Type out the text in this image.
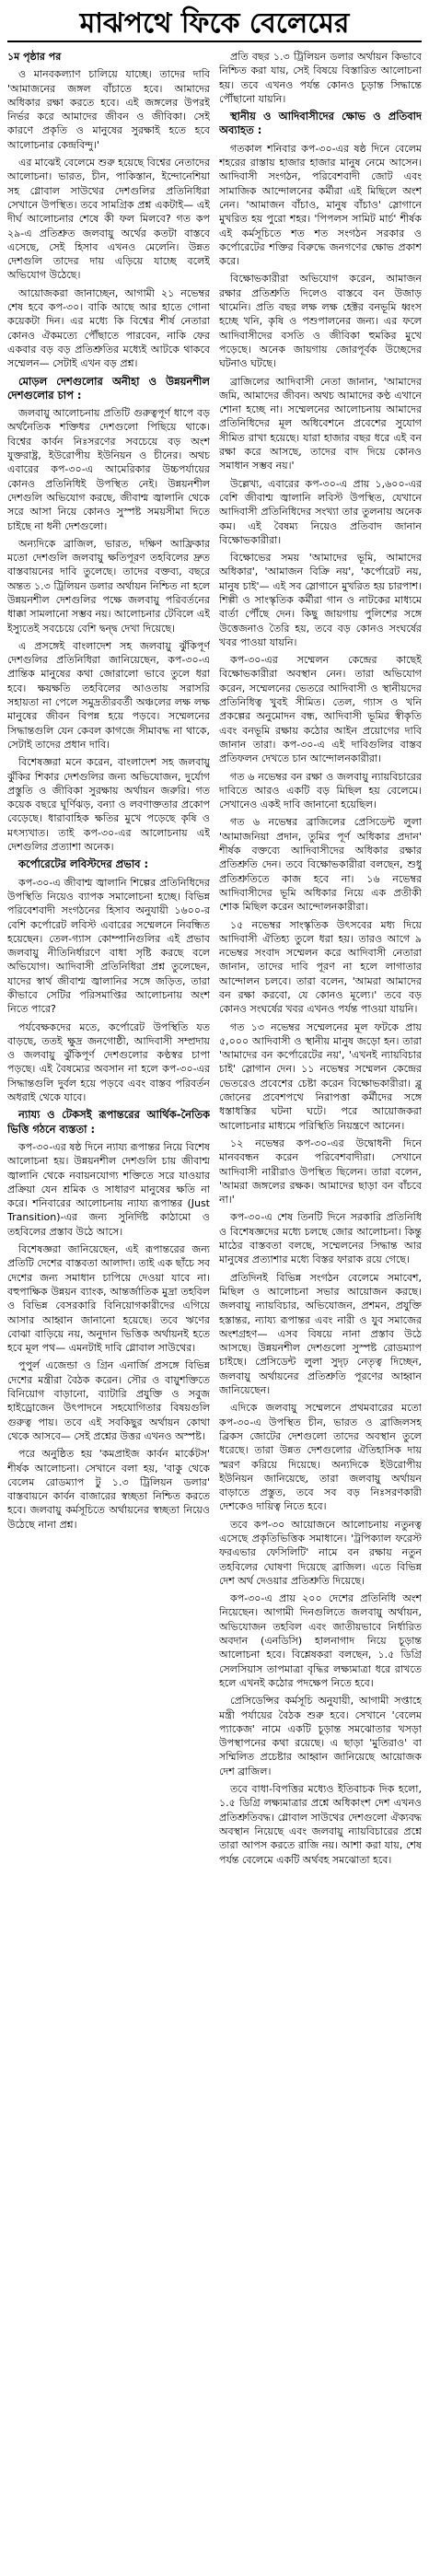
মাঝপথে ফিকে বেলেমের

১ম পৃষ্ঠার পর

ও মানবকল্যাণ চালিয়ে যাচ্ছে। তাদের দাবি 'আমাজনের জঙ্গল বাঁচাতে হবে। আমাদের অধিকার রক্ষা করতে হবে। এই জঙ্গলের উপরই নির্ভর করে আমাদের জীবন ও জীবিকা। সেই কারণে প্রকৃতি ও মানুষের সুরক্ষাই হতে হবে আলোচনার কেন্দ্রবিন্দু।'

এর মাঝেই বেলেমে শুরু হয়েছে বিশ্বের নেতাদের আলোচনা। ভারত, চীন, পাকিস্তান, ইন্দোনেশিয়া সহ গ্লোবাল সাউথের দেশগুলির প্রতিনিধিরা সেখানে উপস্থিত। তবে সামগ্রিক প্রশ্ন একটাই— এই দীর্ঘ আলোচনার শেষে কী ফল মিলবে? গত কপ ২৯-এ প্রতিশ্রুত জলবায়ু অর্থের কতটা বাস্তবে এসেছে, সেই হিসাব এখনও মেলেনি। উন্নত দেশগুলি তাদের দায় এড়িয়ে যাচ্ছে বলেই অভিযোগ উঠেছে।

আয়োজকরা জানাচ্ছেন, আগামী ২১ নভেম্বর শেষ হবে কপ-৩০। বাকি আছে আর হাতে গোনা কয়েকটা দিন। এর মধ্যে কি বিশ্বের শীর্ষ নেতারা কোনও ঐকমত্যে পৌঁছাতে পারবেন, নাকি ফের একবার বড় বড় প্রতিশ্রুতির মধ্যেই আটকে থাকবে সম্মেলন— সেটাই এখন বড় প্রশ্ন।

মোড়ল দেশগুলোর অনীহা ও উন্নয়নশীল দেশগুলোর চাপ :

জলবায়ু আলোচনায় প্রতিটি গুরুত্বপূর্ণ ধাপে বড় অর্থনৈতিক শক্তিধর দেশগুলো পিছিয়ে থাকে। বিশ্বের কার্বন নিঃসরণের সবচেয়ে বড় অংশ যুক্তরাষ্ট্র, ইউরোপীয় ইউনিয়ন ও চীনের। অথচ এবারের কপ-৩০-এ আমেরিকার উচ্চপর্যায়ের কোনও প্রতিনিধিই উপস্থিত নেই। উন্নয়নশীল দেশগুলি অভিযোগ করছে, জীবাশ্ম জ্বালানি থেকে সরে আসা নিয়ে কোনও সুস্পষ্ট সময়সীমা দিতে চাইছে না ধনী দেশগুলো।

অন্যদিকে ব্রাজিল, ভারত, দক্ষিণ আফ্রিকার মতো দেশগুলি জলবায়ু ক্ষতিপূরণ তহবিলের দ্রুত বাস্তবায়নের দাবি তুলেছে। তাদের বক্তব্য, বছরে অন্তত ১.৩ ট্রিলিয়ন ডলার অর্থায়ন নিশ্চিত না হলে উন্নয়নশীল দেশগুলির পক্ষে জলবায়ু পরিবর্তনের ধাক্কা সামলানো সম্ভব নয়। আলোচনার টেবিলে এই ইস্যুতেই সবচেয়ে বেশি দ্বন্দ্ব দেখা দিয়েছে।

এ প্রসঙ্গেই বাংলাদেশ সহ জলবায়ু ঝুঁকিপূর্ণ দেশগুলির প্রতিনিধিরা জানিয়েছেন, কপ-৩০-এ প্রান্তিক মানুষের কথা জোরালো ভাবে তুলে ধরা হবে। ক্ষয়ক্ষতি তহবিলের আওতায় সরাসরি সহায়তা না পেলে সমুদ্রতীরবর্তী অঞ্চলের লক্ষ লক্ষ মানুষের জীবন বিপন্ন হয়ে পড়বে। সম্মেলনের সিদ্ধান্তগুলি যেন কেবল কাগজে সীমাবদ্ধ না থাকে, সেটাই তাদের প্রধান দাবি।

বিশেষজ্ঞরা মনে করেন, বাংলাদেশ সহ জলবায়ু ঝুঁকির শিকার দেশগুলির জন্য অভিযোজন, দুর্যোগ প্রস্তুতি ও জীবিকা সুরক্ষায় অর্থায়ন জরুরি। গত কয়েক বছরে ঘূর্ণিঝড়, বন্যা ও লবণাক্ততার প্রকোপ বেড়েছে। ধারাবাহিক ক্ষতির মুখে পড়েছে কৃষি ও মৎস্যখাত। তাই কপ-৩০-এর আলোচনায় এই দেশগুলির প্রত্যাশা অনেক।

কর্পোরেটের লবিস্টদের প্রভাব :

কপ-৩০-এ জীবাশ্ম জ্বালানি শিল্পের প্রতিনিধিদের উপস্থিতি নিয়েও ব্যাপক সমালোচনা হচ্ছে। বিভিন্ন পরিবেশবাদী সংগঠনের হিসাব অনুযায়ী ১৬০০-র বেশি কর্পোরেট লবিস্ট এবারের সম্মেলনে নিবন্ধিত হয়েছেন। তেল-গ্যাস কোম্পানিগুলির এই প্রভাব জলবায়ু নীতিনির্ধারণে বাধা সৃষ্টি করছে বলে অভিযোগ। আদিবাসী প্রতিনিধিরা প্রশ্ন তুলেছেন, যাদের স্বার্থ জীবাশ্ম জ্বালানির সঙ্গে জড়িত, তারা কীভাবে সেটির পরিসমাপ্তির আলোচনায় অংশ নিতে পারে?

পর্যবেক্ষকদের মতে, কর্পোরেট উপস্থিতি যত বাড়ছে, ততই ক্ষুদ্র জনগোষ্ঠী, আদিবাসী সম্প্রদায় ও জলবায়ু ঝুঁকিপূর্ণ দেশগুলোর কণ্ঠস্বর চাপা পড়ছে। এই বৈষম্যের অবসান না হলে কপ-৩০-এর সিদ্ধান্তগুলি দুর্বল হয়ে পড়বে এবং বাস্তব পরিবর্তন অধরাই থেকে যাবে।

ন্যায্য ও টেকসই রূপান্তরের আর্থিক-নৈতিক ভিত্তি গঠনে ব্যস্ততা :

কপ-৩০-এর ষষ্ঠ দিনে ন্যায্য রূপান্তর নিয়ে বিশেষ আলোচনা হয়। উন্নয়নশীল দেশগুলি চায় জীবাশ্ম জ্বালানি থেকে নবায়নযোগ্য শক্তিতে সরে যাওয়ার প্রক্রিয়া যেন শ্রমিক ও সাধারণ মানুষের ক্ষতি না করে। শনিবারের আলোচনায় ন্যায্য রূপান্তর (Just Transition)-এর জন্য সুনির্দিষ্ট কাঠামো ও তহবিলের প্রস্তাব উঠে আসে।

বিশেষজ্ঞরা জানিয়েছেন, এই রূপান্তরের জন্য প্রতিটি দেশের বাস্তবতা আলাদা। তাই এক ছাঁচে সব দেশের জন্য সমাধান চাপিয়ে দেওয়া যাবে না। বহুপাক্ষিক উন্নয়ন ব্যাংক, আন্তর্জাতিক মুদ্রা তহবিল ও বিভিন্ন বেসরকারি বিনিয়োগকারীদের এগিয়ে আসার আহ্বান জানানো হয়েছে। তবে ঋণের বোঝা বাড়িয়ে নয়, অনুদান ভিত্তিক অর্থায়নই হতে হবে মূল পথ— এমনটাই দাবি গ্লোবাল সাউথের।

পুপুর্ল এজেন্ডা ও গ্রিন এনার্জি প্রসঙ্গে বিভিন্ন দেশের মন্ত্রীরা বৈঠক করেন। সৌর ও বায়ুশক্তিতে বিনিয়োগ বাড়ানো, ব্যাটারি প্রযুক্তি ও সবুজ হাইড্রোজেন উৎপাদনে সহযোগিতার বিষয়গুলি গুরুত্ব পায়। তবে এই সবকিছুর অর্থায়ন কোথা থেকে আসবে— সেই প্রশ্নের উত্তর এখনও অস্পষ্ট।

পরে অনুষ্ঠিত হয় 'কমপ্রাইজ কার্বন মার্কেটস' শীর্ষক আলোচনা। সেখানে বলা হয়, 'বাকু থেকে বেলেম রোডম্যাপ টু ১.৩ ট্রিলিয়ন ডলার' বাস্তবায়নে কার্বন বাজারের স্বচ্ছতা নিশ্চিত করতে হবে। জলবায়ু কর্মসূচিতে অর্থায়নের স্বচ্ছতা নিয়েও উঠেছে নানা প্রশ্ন।

প্রতি বছর ১.৩ ট্রিলিয়ন ডলার অর্থায়ন কিভাবে নিশ্চিত করা যায়, সেই বিষয়ে বিস্তারিত আলোচনা হয়। তবে এখনও পর্যন্ত কোনও চূড়ান্ত সিদ্ধান্তে পৌঁছানো যায়নি।

স্থানীয় ও আদিবাসীদের ক্ষোভ ও প্রতিবাদ অব্যাহত :

গতকাল শনিবার কপ-৩০-এর ষষ্ঠ দিনে বেলেম শহরের রাস্তায় হাজার হাজার মানুষ নেমে আসেন। আদিবাসী সংগঠন, পরিবেশবাদী জোট এবং সামাজিক আন্দোলনের কর্মীরা এই মিছিলে অংশ নেন। 'আমাজন বাঁচাও, মানুষ বাঁচাও' স্লোগানে মুখরিত হয় পুরো শহর। 'পিপলস সামিট মার্চ' শীর্ষক এই কর্মসূচিতে শত শত সংগঠন সরকার ও কর্পোরেটের শক্তির বিরুদ্ধে জনগণের ক্ষোভ প্রকাশ করে।

বিক্ষোভকারীরা অভিযোগ করেন, আমাজন রক্ষার প্রতিশ্রুতি দিলেও বাস্তবে বন উজাড় থামেনি। প্রতি বছর লক্ষ লক্ষ হেক্টর বনভূমি ধ্বংস হচ্ছে খনি, কৃষি ও পশুপালনের জন্য। এর ফলে আদিবাসীদের বসতি ও জীবিকা হুমকির মুখে পড়েছে। অনেক জায়গায় জোরপূর্বক উচ্ছেদের ঘটনাও ঘটছে।

ব্রাজিলের আদিবাসী নেতা জানান, 'আমাদের জমি, আমাদের জীবন। অথচ আমাদের কণ্ঠ এখানে শোনা হচ্ছে না। সম্মেলনের আলোচনায় আমাদের প্রতিনিধিদের মূল অধিবেশনে প্রবেশের সুযোগ সীমিত রাখা হয়েছে। যারা হাজার বছর ধরে এই বন রক্ষা করে আসছে, তাদের বাদ দিয়ে কোনও সমাধান সম্ভব নয়।'

উল্লেখ্য, এবারের কপ-৩০-এ প্রায় ১,৬০০-এর বেশি জীবাশ্ম জ্বালানি লবিস্ট উপস্থিত, যেখানে আদিবাসী প্রতিনিধিদের সংখ্যা তার তুলনায় অনেক কম। এই বৈষম্য নিয়েও প্রতিবাদ জানান বিক্ষোভকারীরা।

বিক্ষোভের সময় 'আমাদের ভূমি, আমাদের অধিকার', 'আমাজন বিক্রি নয়', 'কর্পোরেট নয়, মানুষ চাই'— এই সব স্লোগানে মুখরিত হয় চারপাশ। শিল্পী ও সাংস্কৃতিক কর্মীরা গান ও নাটকের মাধ্যমে বার্তা পৌঁছে দেন। কিছু জায়গায় পুলিশের সঙ্গে উত্তেজনাও তৈরি হয়, তবে বড় কোনও সংঘর্ষের খবর পাওয়া যায়নি।

কপ-৩০-এর সম্মেলন কেন্দ্রের কাছেই বিক্ষোভকারীরা অবস্থান নেন। তারা অভিযোগ করেন, সম্মেলনের ভেতরে আদিবাসী ও স্থানীয়দের প্রতিনিধিত্ব খুবই সীমিত। তেল, গ্যাস ও খনি প্রকল্পের অনুমোদন বন্ধ, আদিবাসী ভূমির স্বীকৃতি এবং বনভূমি রক্ষায় কঠোর আইন প্রয়োগের দাবি জানান তারা। কপ-৩০-এ এই দাবিগুলির বাস্তব প্রতিফলন দেখতে চান আন্দোলনকারীরা।

গত ৬ নভেম্বর বন রক্ষা ও জলবায়ু ন্যায়বিচারের দাবিতে আরও একটি বড় মিছিল হয় বেলেমে। সেখানেও একই দাবি জানানো হয়েছিল।

গত ৬ নভেম্বর ব্রাজিলের প্রেসিডেন্ট লুলা 'আমাজনিয়া প্রদান, তুমির পূর্ণ অধিকার প্রদান' শীর্ষক বক্তব্যে আদিবাসীদের অধিকার রক্ষার প্রতিশ্রুতি দেন। তবে বিক্ষোভকারীরা বলছেন, শুধু প্রতিশ্রুতিতে কাজ হবে না। ১৬ নভেম্বর আদিবাসীদের ভূমি অধিকার নিয়ে এক প্রতীকী শোক মিছিল করেন আন্দোলনকারীরা।

১৫ নভেম্বর সাংস্কৃতিক উৎসবের মধ্য দিয়ে আদিবাসী ঐতিহ্য তুলে ধরা হয়। তারও আগে ৯ নভেম্বর সংবাদ সম্মেলন করে আদিবাসী নেতারা জানান, তাদের দাবি পূরণ না হলে লাগাতার আন্দোলন চলবে। তারা বলেন, 'আমরা আমাদের বন রক্ষা করবো, যে কোনও মূল্যে।' তবে বড় কোনও সংঘর্ষের খবর এখনও পর্যন্ত পাওয়া যায়নি।

গত ১৩ নভেম্বর সম্মেলনের মূল ফটকে প্রায় ৫,০০০ আদিবাসী ও স্থানীয় মানুষ জড়ো হন। তারা 'আমাদের বন কর্পোরেটের নয়', 'এখনই ন্যায়বিচার চাই' স্লোগান দেন। ১১ নভেম্বর সম্মেলন কেন্দ্রের ভেতরেও প্রবেশের চেষ্টা করেন বিক্ষোভকারীরা। ব্লু জোনের প্রবেশপথে নিরাপত্তা কর্মীদের সঙ্গে ধস্তাধস্তির ঘটনা ঘটে। পরে আয়োজকরা আলোচনার মাধ্যমে পরিস্থিতি নিয়ন্ত্রণে আনেন।

১২ নভেম্বর কপ-৩০-এর উদ্বোধনী দিনে মানববন্ধন করেন পরিবেশবাদীরা। সেখানে আদিবাসী নারীরাও উপস্থিত ছিলেন। তারা বলেন, 'আমরা জঙ্গলের রক্ষক। আমাদের ছাড়া বন বাঁচবে না।'

কপ-৩০-এ শেষ তিনটি দিনে সরকারি প্রতিনিধি ও বিশেষজ্ঞদের মধ্যে চলছে জোর আলোচনা। কিন্তু মাঠের বাস্তবতা বলছে, সম্মেলনের সিদ্ধান্ত আর মানুষের প্রত্যাশার মধ্যে বিস্তর ফারাক রয়ে গেছে।

প্রতিদিনই বিভিন্ন সংগঠন বেলেমে সমাবেশ, মিছিল ও আলোচনা সভার আয়োজন করছে। জলবায়ু ন্যায়বিচার, অভিযোজন, প্রশমন, প্রযুক্তি হস্তান্তর, ন্যায্য রূপান্তর এবং নারী ও যুব সমাজের অংশগ্রহণ— এসব বিষয়ে নানা প্রস্তাব উঠে আসছে। উন্নয়নশীল দেশগুলো সুস্পষ্ট রোডম্যাপ চাইছে। প্রেসিডেন্ট লুলা সুদৃঢ় নেতৃত্ব দিচ্ছেন, জলবায়ু অর্থায়নের প্রতিশ্রুতি পূরণের আহ্বান জানিয়েছেন।

এদিকে জলবায়ু সম্মেলনে প্রথমবারের মতো কপ-৩০-এ উপস্থিত চীন, ভারত ও ব্রাজিলসহ ব্রিকস জোটের দেশগুলো তাদের অবস্থান তুলে ধরেছে। তারা উন্নত দেশগুলোর ঐতিহাসিক দায় স্মরণ করিয়ে দিয়েছে। অন্যদিকে ইউরোপীয় ইউনিয়ন জানিয়েছে, তারা জলবায়ু অর্থায়ন বাড়াতে প্রস্তুত, তবে সব বড় নিঃসরণকারী দেশকেও দায়িত্ব নিতে হবে।

তবে কপ-৩০ আয়োজনে আলোচনায় নতুনত্ব এসেছে প্রকৃতিভিত্তিক সমাধানে। 'ট্রপিক্যাল ফরেস্ট ফরএভার ফেসিলিটি' নামে বন রক্ষায় নতুন তহবিলের ঘোষণা দিয়েছে ব্রাজিল। এতে বিভিন্ন দেশ অর্থ দেওয়ার প্রতিশ্রুতি দিয়েছে।

কপ-৩০-এ প্রায় ২০০ দেশের প্রতিনিধি অংশ নিয়েছেন। আগামী দিনগুলিতে জলবায়ু অর্থায়ন, অভিযোজন তহবিল এবং জাতীয়ভাবে নির্ধারিত অবদান (এনডিসি) হালনাগাদ নিয়ে চূড়ান্ত আলোচনা হবে। বিশ্লেষকরা বলছেন, ১.৫ ডিগ্রি সেলসিয়াস তাপমাত্রা বৃদ্ধির লক্ষ্যমাত্রা ধরে রাখতে হলে এখনই কঠোর পদক্ষেপ নিতে হবে।

প্রেসিডেন্সির কর্মসূচি অনুযায়ী, আগামী সপ্তাহে মন্ত্রী পর্যায়ের বৈঠক শুরু হবে। সেখানে 'বেলেম প্যাকেজ' নামে একটি চূড়ান্ত সমঝোতার খসড়া উপস্থাপনের কথা রয়েছে। এ ছাড়া 'মুতিরাও' বা সম্মিলিত প্রচেষ্টার আহ্বান জানিয়েছে আয়োজক দেশ ব্রাজিল।

তবে বাধা-বিপত্তির মধ্যেও ইতিবাচক দিক হলো, ১.৫ ডিগ্রি লক্ষ্যমাত্রার প্রশ্নে অধিকাংশ দেশ এখনও প্রতিশ্রুতিবদ্ধ। গ্লোবাল সাউথের দেশগুলো ঐক্যবদ্ধ অবস্থান নিয়েছে এবং জলবায়ু ন্যায়বিচারের প্রশ্নে তারা আপস করতে রাজি নয়। আশা করা যায়, শেষ পর্যন্ত বেলেমে একটি অর্থবহ সমঝোতা হবে।
